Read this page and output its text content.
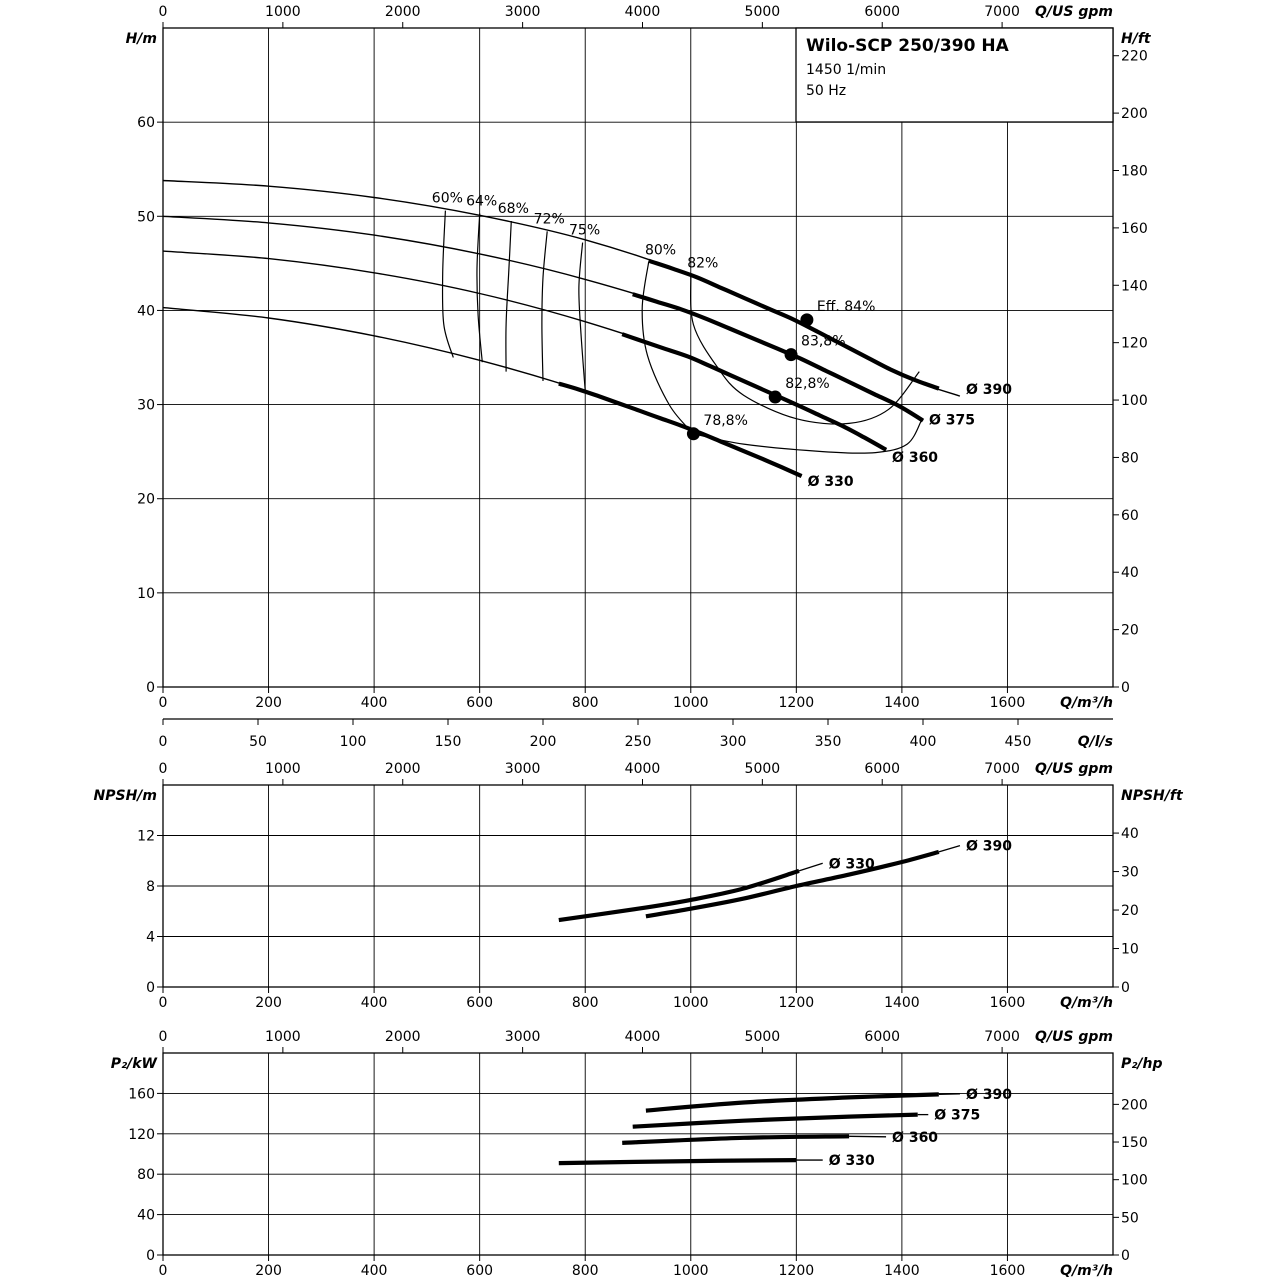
0	200	400	600	800	1000	1200	1400	1600 Q/m³/h
0	1000	2000	3000	4000	5000	6000	7000 Q/US gpm
0
10
20
30
40
50
60
H/m
0
20
40
60
80
100
120
140
160
180
200
220
H/ft
0	50	100	150	200	250	300	350	400	450	Q/l/s
60% 64% 68%
72%
75%
80%
82%
Ø 390
Ø 375
Ø 360
Ø 330
Eff. 84%
83,8%
82,8%
78,8%
0	200	400	600	800	1000	1200	1400	1600 Q/m³/h
0	1000	2000	3000	4000	5000	6000	7000 Q/US gpm
0
4
8
12
NPSH/m
0
10
20
30
40
NPSH/ft
Ø 330
Ø 390
0	200	400	600	800	1000	1200	1400	1600 Q/m³/h
0	1000	2000	3000	4000	5000	6000	7000 Q/US gpm
0
40
80
120
160
P₂/kW
0
50
100
150
200
P₂/hp
Ø 390
Ø 375
Ø 360
Ø 330
Wilo-SCP 250/390 HA
1450 1/min
50 Hz
